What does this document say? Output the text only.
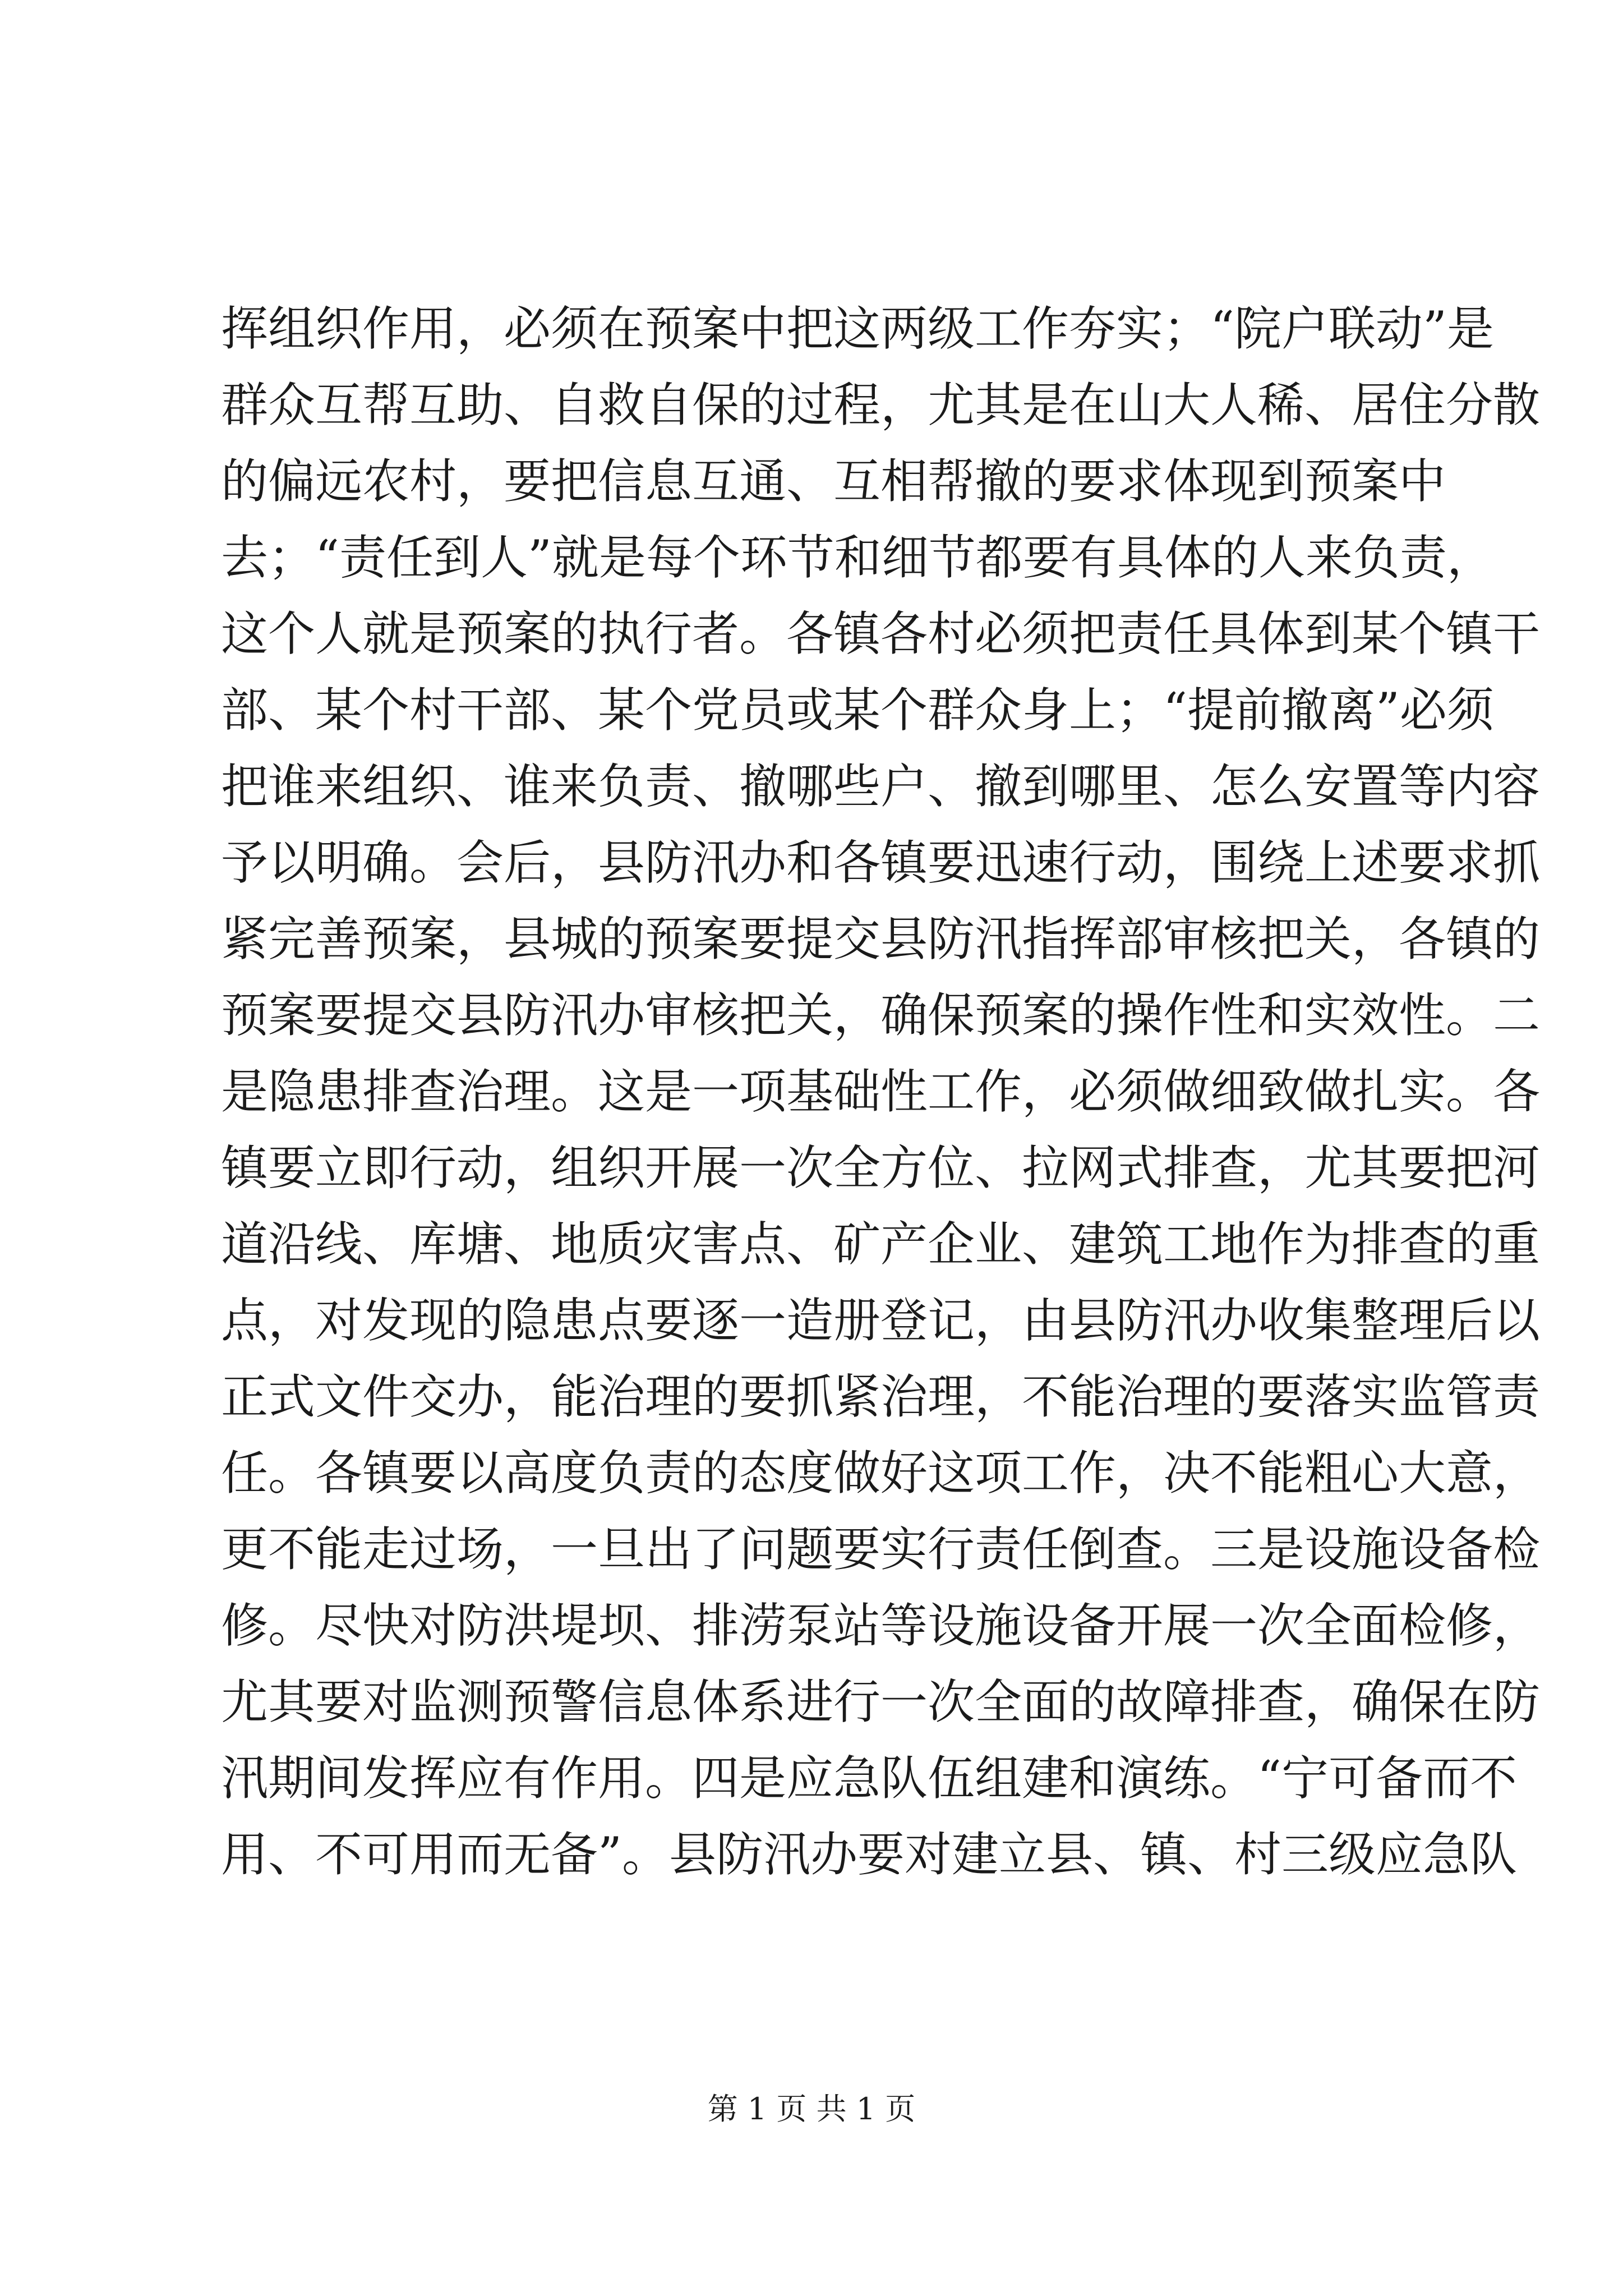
挥组织作用，必须在预案中把这两级工作夯实；“院户联动”是
群众互帮互助、自救自保的过程，尤其是在山大人稀、居住分散
的偏远农村，要把信息互通、互相帮撤的要求体现到预案中
去；“责任到人”就是每个环节和细节都要有具体的人来负责，
这个人就是预案的执行者。各镇各村必须把责任具体到某个镇干
部、某个村干部、某个党员或某个群众身上；“提前撤离”必须
把谁来组织、谁来负责、撤哪些户、撤到哪里、怎么安置等内容
予以明确。会后，县防汛办和各镇要迅速行动，围绕上述要求抓
紧完善预案，县城的预案要提交县防汛指挥部审核把关，各镇的
预案要提交县防汛办审核把关，确保预案的操作性和实效性。二
是隐患排查治理。这是一项基础性工作，必须做细致做扎实。各
镇要立即行动，组织开展一次全方位、拉网式排查，尤其要把河
道沿线、库塘、地质灾害点、矿产企业、建筑工地作为排查的重
点，对发现的隐患点要逐一造册登记，由县防汛办收集整理后以
正式文件交办，能治理的要抓紧治理，不能治理的要落实监管责
任。各镇要以高度负责的态度做好这项工作，决不能粗心大意，
更不能走过场，一旦出了问题要实行责任倒查。三是设施设备检
修。尽快对防洪堤坝、排涝泵站等设施设备开展一次全面检修，
尤其要对监测预警信息体系进行一次全面的故障排查，确保在防
汛期间发挥应有作用。四是应急队伍组建和演练。“宁可备而不
用、不可用而无备”。县防汛办要对建立县、镇、村三级应急队
第 1 页 共 1 页
